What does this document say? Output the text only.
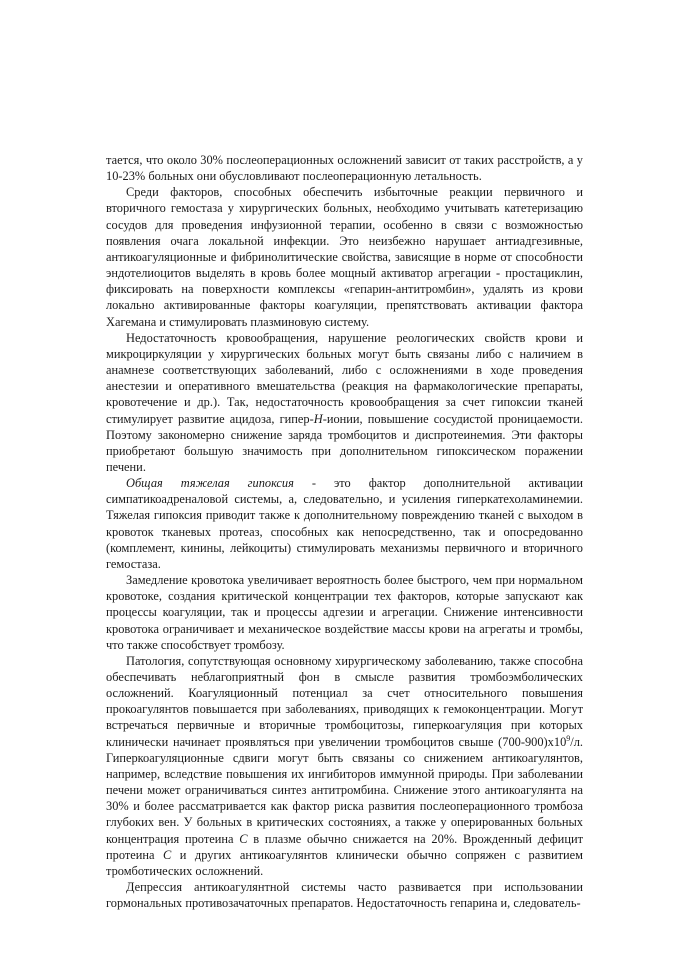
тается, что около 30% послеоперационных осложнений зависит от таких расстройств, а у 10-23% больных они обусловливают послеоперационную летальность.

Среди факторов, способных обеспечить избыточные реакции первичного и вторичного гемостаза у хирургических больных, необходимо учитывать катетеризацию сосудов для проведения инфузионной терапии, особенно в связи с возможностью появления очага локальной инфекции. Это неизбежно нарушает антиадгезивные, антикоагуляционные и фибринолитические свойства, зависящие в норме от способности эндотелиоцитов выделять в кровь более мощный активатор агрегации - простациклин, фиксировать на поверхности комплексы «гепарин-антитромбин», удалять из крови локально активированные факторы коагуляции, препятствовать активации фактора Хагемана и стимулировать плазминовую систему.

Недостаточность кровообращения, нарушение реологических свойств крови и микроциркуляции у хирургических больных могут быть связаны либо с наличием в анамнезе соответствующих заболеваний, либо с осложнениями в ходе проведения анестезии и оперативного вмешательства (реакция на фармакологические препараты, кровотечение и др.). Так, недостаточность кровообращения за счет гипоксии тканей стимулирует развитие ацидоза, гипер-H-ионии, повышение сосудистой проницаемости. Поэтому закономерно снижение заряда тромбоцитов и диспротеинемия. Эти факторы приобретают большую значимость при дополнительном гипоксическом поражении печени.

Общая тяжелая гипоксия - это фактор дополнительной активации симпатикоадреналовой системы, а, следовательно, и усиления гиперкатехоламинемии. Тяжелая гипоксия приводит также к дополнительному повреждению тканей с выходом в кровоток тканевых протеаз, способных как непосредственно, так и опосредованно (комплемент, кинины, лейкоциты) стимулировать механизмы первичного и вторичного гемостаза.

Замедление кровотока увеличивает вероятность более быстрого, чем при нормальном кровотоке, создания критической концентрации тех факторов, которые запускают как процессы коагуляции, так и процессы адгезии и агрегации. Снижение интенсивности кровотока ограничивает и механическое воздействие массы крови на агрегаты и тромбы, что также способствует тромбозу.

Патология, сопутствующая основному хирургическому заболеванию, также способна обеспечивать неблагоприятный фон в смысле развития тромбоэмболических осложнений. Коагуляционный потенциал за счет относительного повышения прокоагулянтов повышается при заболеваниях, приводящих к гемоконцентрации. Могут встречаться первичные и вторичные тромбоцитозы, гиперкоагуляция при которых клинически начинает проявляться при увеличении тромбоцитов свыше $(700-900)х10^9/л$. Гиперкоагуляционные сдвиги могут быть связаны со снижением антикоагулянтов, например, вследствие повышения их ингибиторов иммунной природы. При заболевании печени может ограничиваться синтез антитромбина. Снижение этого антикоагулянта на 30% и более рассматривается как фактор риска развития послеоперационного тромбоза глубоких вен. У больных в критических состояниях, а также у оперированных больных концентрация протеина С в плазме обычно снижается на 20%. Врожденный дефицит протеина С и других антикоагулянтов клинически обычно сопряжен с развитием тромботических осложнений.

Депрессия антикоагулянтной системы часто развивается при использовании гормональных противозачаточных препаратов. Недостаточность гепарина и, следователь-
